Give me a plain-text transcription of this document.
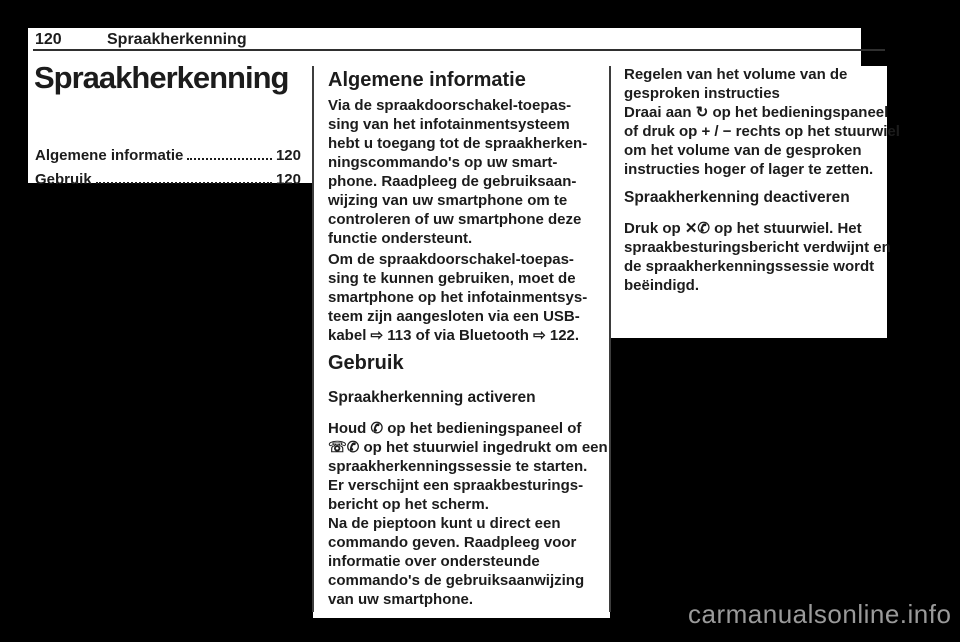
120	Spraakherkenning
Spraakherkenning
Algemene informatie	120
Gebruik	120
Algemene informatie
Via de spraakdoorschakel-toepas-
sing van het infotainmentsysteem
hebt u toegang tot de spraakherken-
ningscommando's op uw smart-
phone. Raadpleeg de gebruiksaan-
wijzing van uw smartphone om te
controleren of uw smartphone deze
functie ondersteunt.
Om de spraakdoorschakel-toepas-
sing te kunnen gebruiken, moet de
smartphone op het infotainmentsys-
teem zijn aangesloten via een USB-
kabel ⇨ 113 of via Bluetooth ⇨ 122.
Gebruik
Spraakherkenning activeren
Houd ✆ op het bedieningspaneel of
☏✆ op het stuurwiel ingedrukt om een
spraakherkenningssessie te starten.
Er verschijnt een spraakbesturings-
bericht op het scherm.
Na de pieptoon kunt u direct een
commando geven. Raadpleeg voor
informatie over ondersteunde
commando's de gebruiksaanwijzing
van uw smartphone.
Regelen van het volume van de
gesproken instructies
Draai aan ↻ op het bedieningspaneel
of druk op + / − rechts op het stuurwiel
om het volume van de gesproken
instructies hoger of lager te zetten.
Spraakherkenning deactiveren
Druk op ✕✆ op het stuurwiel. Het
spraakbesturingsbericht verdwijnt en
de spraakherkenningssessie wordt
beëindigd.
carmanualsonline.info
